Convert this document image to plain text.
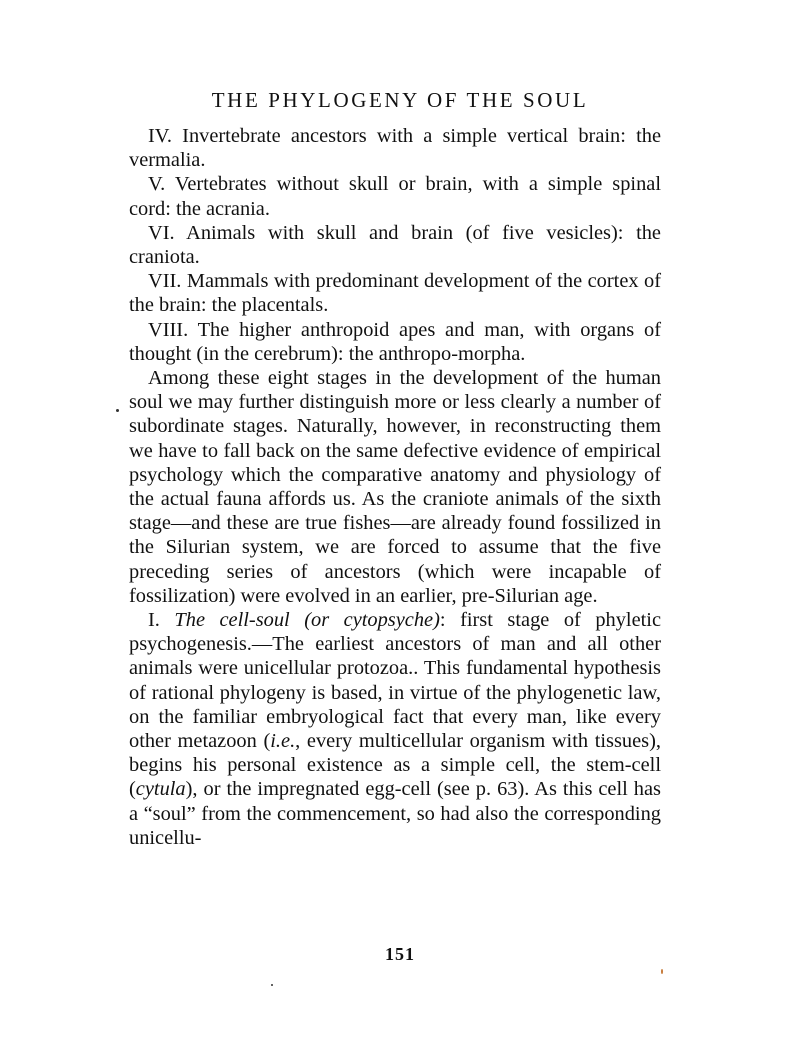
THE PHYLOGENY OF THE SOUL

IV. Invertebrate ancestors with a simple vertical brain: the vermalia.

V. Vertebrates without skull or brain, with a simple spinal cord: the acrania.

VI. Animals with skull and brain (of five vesicles): the craniota.

VII. Mammals with predominant development of the cortex of the brain: the placentals.

VIII. The higher anthropoid apes and man, with organs of thought (in the cerebrum): the anthropo-morpha.

Among these eight stages in the development of the human soul we may further distinguish more or less clearly a number of subordinate stages. Naturally, however, in reconstructing them we have to fall back on the same defective evidence of empirical psychology which the comparative anatomy and physiology of the actual fauna affords us. As the craniote animals of the sixth stage—and these are true fishes—are already found fossilized in the Silurian system, we are forced to assume that the five preceding series of ancestors (which were incapable of fossilization) were evolved in an earlier, pre-Silurian age.

I. The cell-soul (or cytopsyche): first stage of phyletic psychogenesis.—The earliest ancestors of man and all other animals were unicellular protozoa.. This fundamental hypothesis of rational phylogeny is based, in virtue of the phylogenetic law, on the familiar embryological fact that every man, like every other metazoon (i.e., every multicellular organism with tissues), begins his personal existence as a simple cell, the stem-cell (cytula), or the impregnated egg-cell (see p. 63). As this cell has a “soul” from the commencement, so had also the corresponding unicellu-

151
